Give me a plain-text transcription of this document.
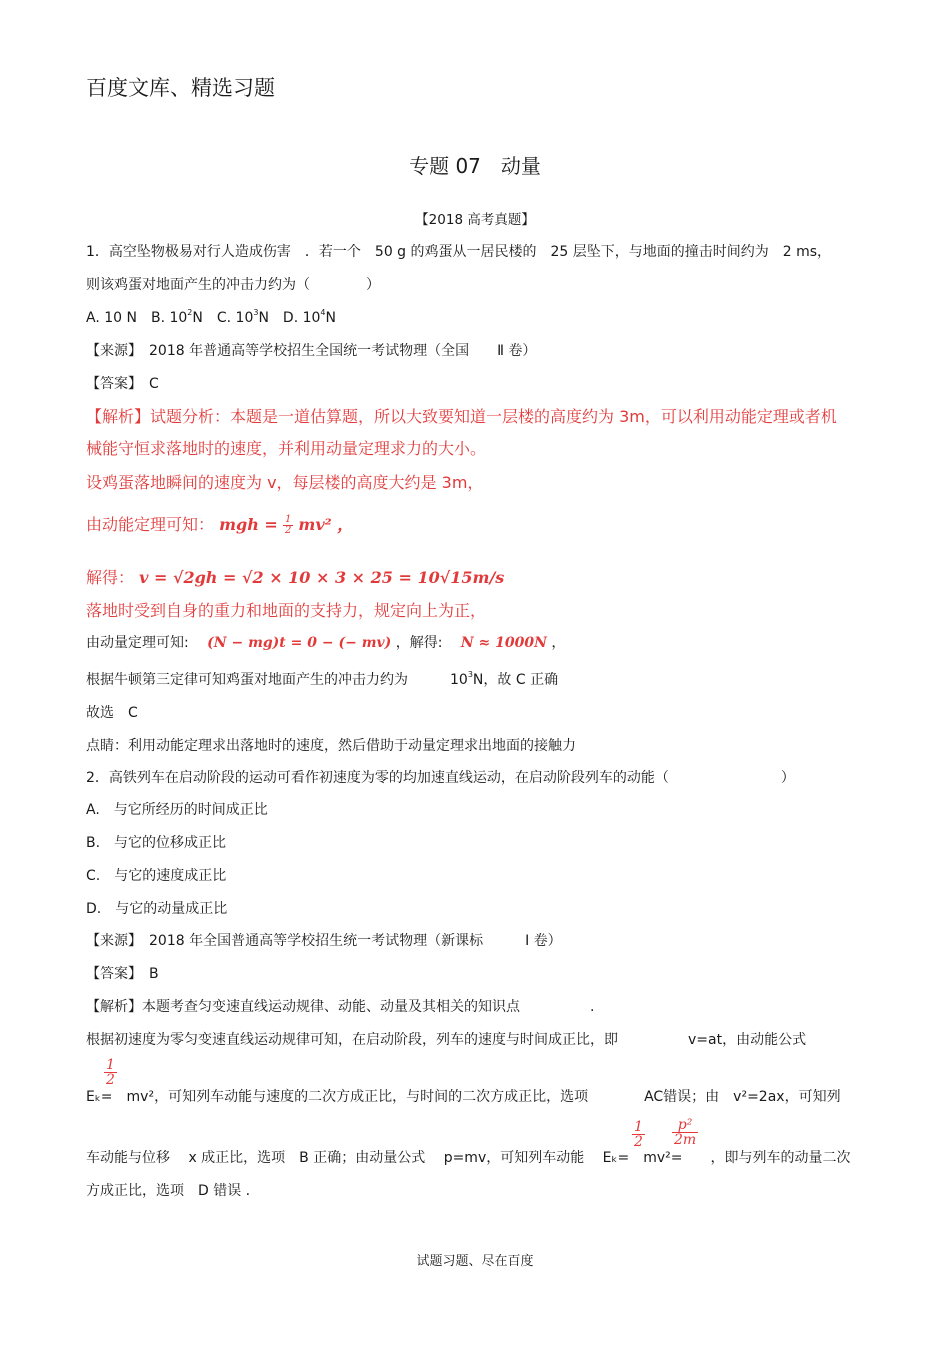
百度文库、精选习题
专题 07　动量
【2018 高考真题】
1．高空坠物极易对行人造成伤害　．若一个　50 g 的鸡蛋从一居民楼的　25 层坠下，与地面的撞击时间约为　2 ms，
则该鸡蛋对地面产生的冲击力约为（　　　　）
A. 10 N　B. $10^2N$　C. $10^3N$　D. $10^4N$
【来源】　2018 年普通高等学校招生全国统一考试物理（全国　　Ⅱ 卷）
【答案】　C
【解析】试题分析：本题是一道估算题，所以大致要知道一层楼的高度约为 3m，可以利用动能定理或者机
械能守恒求落地时的速度，并利用动量定理求力的大小。
设鸡蛋落地瞬间的速度为 v，每层楼的高度大约是 3m，
由动能定理可知： mgh = $\frac{1}{2} mv^2$ ，
解得： v = √2gh = √2 × 10 × 3 × 25 = 10√15m/s
落地时受到自身的重力和地面的支持力，规定向上为正，
由动量定理可知:　 (N − mg)t = 0 − (− mv) ，解得:　 N ≈ 1000N ，
根据牛顿第三定律可知鸡蛋对地面产生的冲击力约为　　　$10^3N$，故 C 正确
故选　C
点睛：利用动能定理求出落地时的速度，然后借助于动量定理求出地面的接触力
2．高铁列车在启动阶段的运动可看作初速度为零的均加速直线运动，在启动阶段列车的动能（　　　　　　　　）
A.　与它所经历的时间成正比
B.　与它的位移成正比
C.　与它的速度成正比
D.　与它的动量成正比
【来源】　2018 年全国普通高等学校招生统一考试物理（新课标　　　Ⅰ 卷）
【答案】　B
【解析】本题考查匀变速直线运动规律、动能、动量及其相关的知识点　　　　　.
根据初速度为零匀变速直线运动规律可知，在启动阶段，列车的速度与时间成正比，即　　　　　v=at，由动能公式
$\frac{1}{2}$
Eₖ=　mv²，可知列车动能与速度的二次方成正比，与时间的二次方成正比，选项　　　　AC错误；由　v²=2ax，可知列
$\frac{1}{2} \frac{\text{p²}}{2m}$
车动能与位移　 x 成正比，选项　B 正确；由动量公式　 p=mv，可知列车动能　 Eₖ=　mv²=　　，即与列车的动量二次
方成正比，选项　D 错误 .
试题习题、尽在百度
